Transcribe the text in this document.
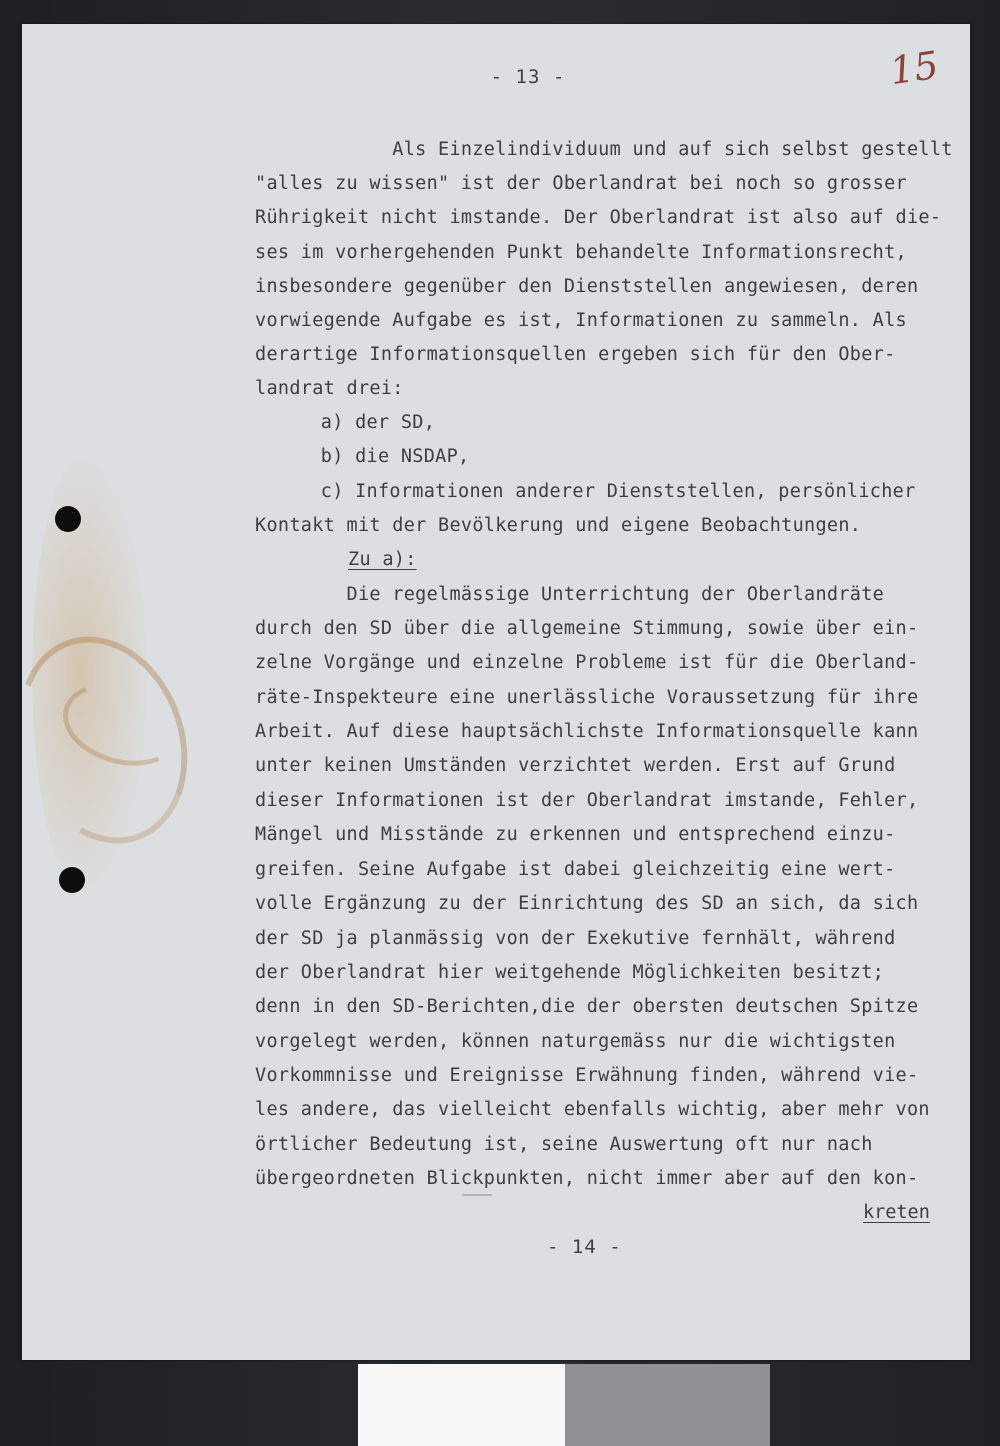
- 13 -	15
Als Einzelindividuum und auf sich selbst gestellt
"alles zu wissen" ist der Oberlandrat bei noch so grosser
Rührigkeit nicht imstande. Der Oberlandrat ist also auf die-
ses im vorhergehenden Punkt behandelte Informationsrecht,
insbesondere gegenüber den Dienststellen angewiesen, deren
vorwiegende Aufgabe es ist, Informationen zu sammeln. Als
derartige Informationsquellen ergeben sich für den Ober-
landrat drei:
a) der SD,
b) die NSDAP,
c) Informationen anderer Dienststellen, persönlicher
Kontakt mit der Bevölkerung und eigene Beobachtungen.
Zu a):
Die regelmässige Unterrichtung der Oberlandräte
durch den SD über die allgemeine Stimmung, sowie über ein-
zelne Vorgänge und einzelne Probleme ist für die Oberland-
räte-Inspekteure eine unerlässliche Voraussetzung für ihre
Arbeit. Auf diese hauptsächlichste Informationsquelle kann
unter keinen Umständen verzichtet werden. Erst auf Grund
dieser Informationen ist der Oberlandrat imstande, Fehler,
Mängel und Misstände zu erkennen und entsprechend einzu-
greifen. Seine Aufgabe ist dabei gleichzeitig eine wert-
volle Ergänzung zu der Einrichtung des SD an sich, da sich
der SD ja planmässig von der Exekutive fernhält, während
der Oberlandrat hier weitgehende Möglichkeiten besitzt;
denn in den SD-Berichten,die der obersten deutschen Spitze
vorgelegt werden, können naturgemäss nur die wichtigsten
Vorkommnisse und Ereignisse Erwähnung finden, während vie-
les andere, das vielleicht ebenfalls wichtig, aber mehr von
örtlicher Bedeutung ist, seine Auswertung oft nur nach
übergeordneten Blickpunkten, nicht immer aber auf den kon-
kreten
- 14 -
